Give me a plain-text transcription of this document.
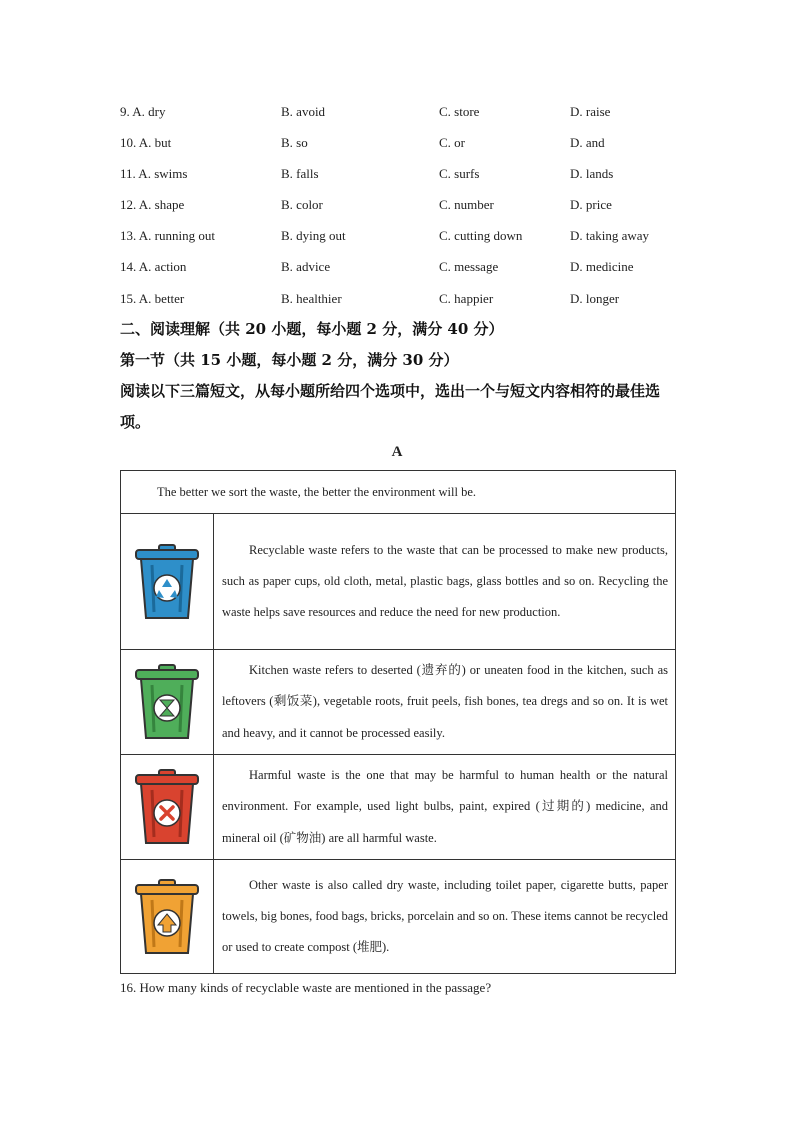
9. A. dry	B. avoid	C. store	D. raise
10. A. but	B. so	C. or	D. and
11. A. swims	B. falls	C. surfs	D. lands
12. A. shape	B. color	C. number	D. price
13. A. running out	B. dying out	C. cutting down	D. taking away
14. A. action	B. advice	C. message	D. medicine
15. A. better	B. healthier	C. happier	D. longer
二、阅读理解（共 20 小题，每小题 2 分，满分 40 分）
第一节（共 15 小题，每小题 2 分，满分 30 分）
阅读以下三篇短文，从每小题所给四个选项中，选出一个与短文内容相符的最佳选项。
A
The better we sort the waste, the better the environment will be.	

	Recyclable waste refers to the waste that can be processed to make new products, such as paper cups, old cloth, metal, plastic bags, glass bottles and so on. Recycling the waste helps save resources and reduce the need for new production.

	Kitchen waste refers to deserted (遗弃的) or uneaten food in the kitchen, such as leftovers (剩饭菜), vegetable roots, fruit peels, fish bones, tea dregs and so on. It is wet and heavy, and it cannot be processed easily.

	Harmful waste is the one that may be harmful to human health or the natural environment. For example, used light bulbs, paint, expired (过期的) medicine, and mineral oil (矿物油) are all harmful waste.

	Other waste is also called dry waste, including toilet paper, cigarette butts, paper towels, big bones, food bags, bricks, porcelain and so on. These items cannot be recycled or used to create compost (堆肥).
16. How many kinds of recyclable waste are mentioned in the passage?
